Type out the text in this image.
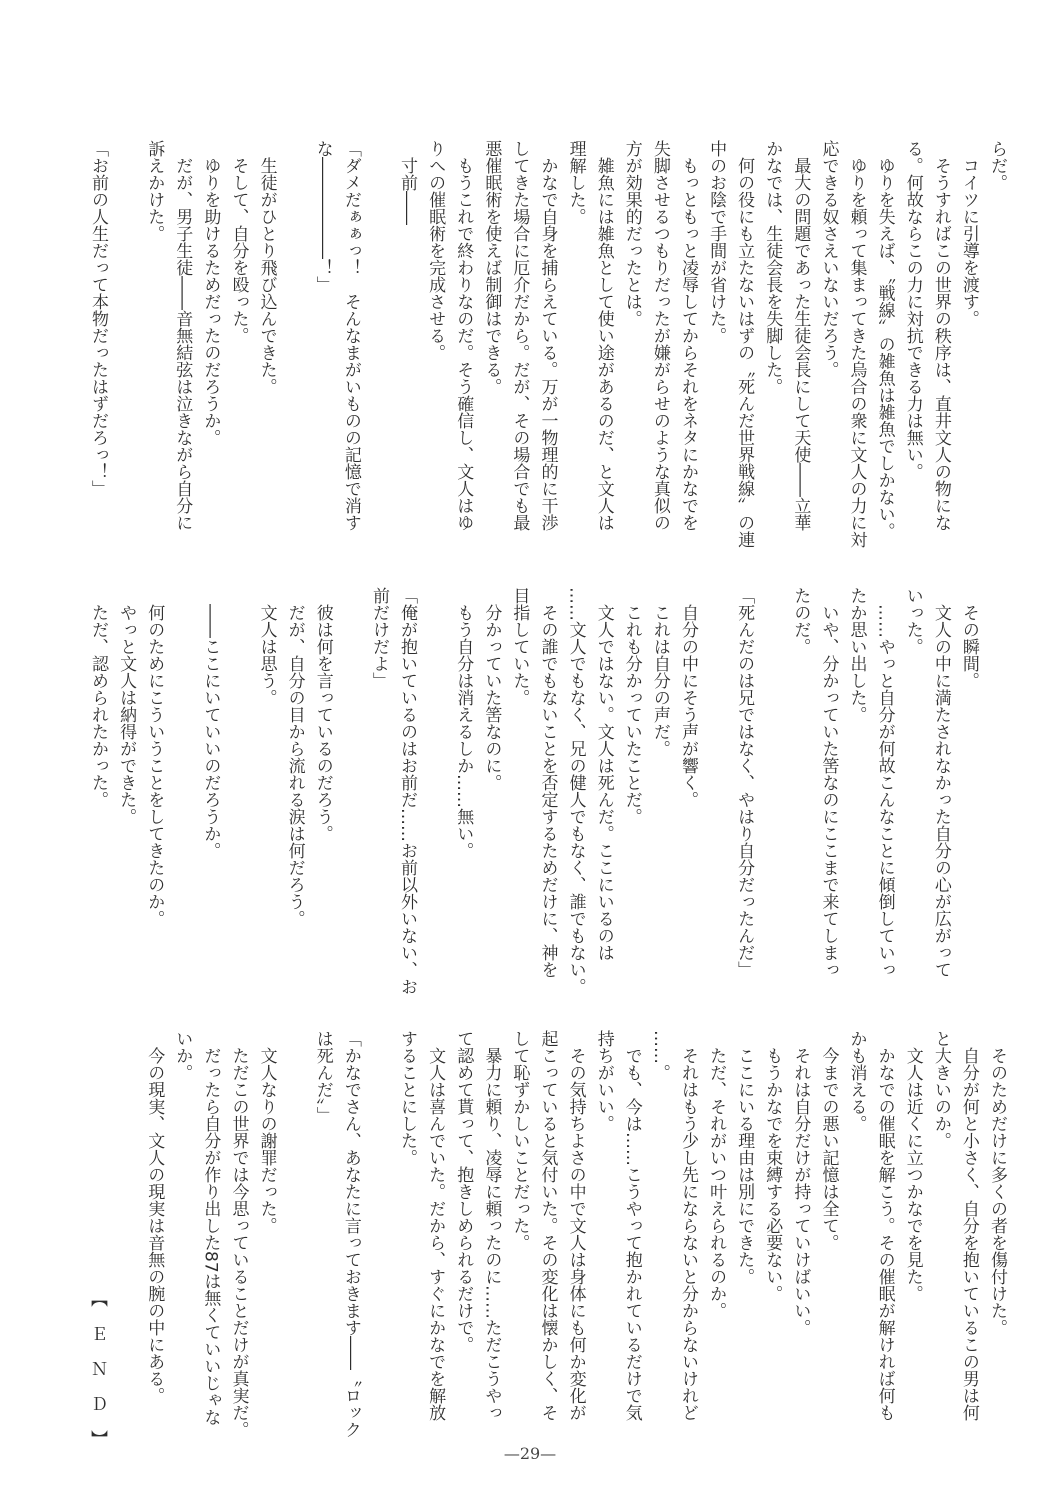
らだ。
　コイツに引導を渡す。
　そうすればこの世界の秩序は、直井文人の物にな
る。何故ならこの力に対抗できる力は無い。
　ゆりを失えば、〝戦線〟の雑魚は雑魚でしかない。
　ゆりを頼って集まってきた烏合の衆に文人の力に対
応できる奴さえいないだろう。
　最大の問題であった生徒会長にして天使――立華
かなでは、生徒会長を失脚した。
　何の役にも立たないはずの〝死んだ世界戦線〟の連
中のお陰で手間が省けた。
　もっともっと凌辱してからそれをネタにかなでを
失脚させるつもりだったが嫌がらせのような真似の
方が効果的だったとは。
　雑魚には雑魚として使い途があるのだ、と文人は
理解した。
　かなで自身を捕らえている。万が一物理的に干渉
してきた場合に厄介だから。だが、その場合でも最
悪催眠術を使えば制御はできる。
　もうこれで終わりなのだ。そう確信し、文人はゆ
りへの催眠術を完成させる。
　寸前――
「ダメだぁぁっ！　そんなまがいものの記憶で消す
な――――――！」
　生徒がひとり飛び込んできた。
　そして、自分を殴った。
　ゆりを助けるためだったのだろうか。
　だが、男子生徒――音無結弦は泣きながら自分に
訴えかけた。
「お前の人生だって本物だったはずだろっ！」
　その瞬間。
　文人の中に満たされなかった自分の心が広がって
いった。
　……やっと自分が何故こんなことに傾倒していっ
たか思い出した。
　いや、分かっていた筈なのにここまで来てしまっ
たのだ。
「死んだのは兄ではなく、やはり自分だったんだ」
　自分の中にそう声が響く。
　これは自分の声だ。
　これも分かっていたことだ。
　文人ではない。文人は死んだ。ここにいるのは
……文人でもなく、兄の健人でもなく、誰でもない。
　その誰でもないことを否定するためだけに、神を
目指していた。
　分かっていた筈なのに。
　もう自分は消えるしか……無い。
「俺が抱いているのはお前だ……お前以外いない、お
前だけだよ」
　彼は何を言っているのだろう。
　だが、自分の目から流れる涙は何だろう。
　文人は思う。
　――ここにいていいのだろうか。
　何のためにこういうことをしてきたのか。
　やっと文人は納得ができた。
　ただ、認められたかった。
　そのためだけに多くの者を傷付けた。
　自分が何と小さく、自分を抱いているこの男は何
と大きいのか。
　文人は近くに立つかなでを見た。
　かなでの催眠を解こう。その催眠が解ければ何も
かも消える。
　今までの悪い記憶は全て。
　それは自分だけが持っていけばいい。
　もうかなでを束縛する必要ない。
　ここにいる理由は別にできた。
　ただ、それがいつ叶えられるのか。
　それはもう少し先にならないと分からないけれど
……。
　でも、今は……こうやって抱かれているだけで気
持ちがいい。
　その気持ちよさの中で文人は身体にも何か変化が
起こっていると気付いた。その変化は懐かしく、そ
して恥ずかしいことだった。
　暴力に頼り、凌辱に頼ったのに……ただこうやっ
て認めて貰って、抱きしめられるだけで。
　文人は喜んでいた。だから、すぐにかなでを解放
することにした。
「かなでさん、あなたに言っておきます――〝ロック
は死んだ〟」
　文人なりの謝罪だった。
　ただこの世界では今思っていることだけが真実だ。
　だったら自分が作り出した87は無くていいじゃな
いか。
　今の現実、文人の現実は音無の腕の中にある。
【ＥＮＤ】	—29—
